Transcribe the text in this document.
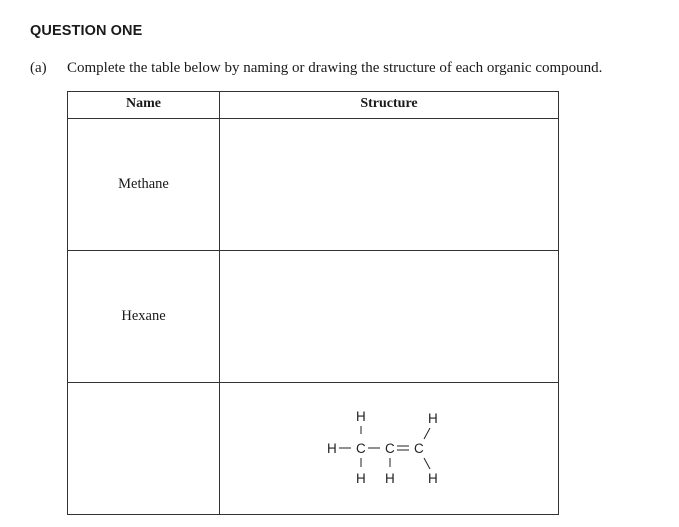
QUESTION ONE
(a) Complete the table below by naming or drawing the structure of each organic compound.
Name	Structure
Methane
Hexane
H	H
H C C C
H H H
